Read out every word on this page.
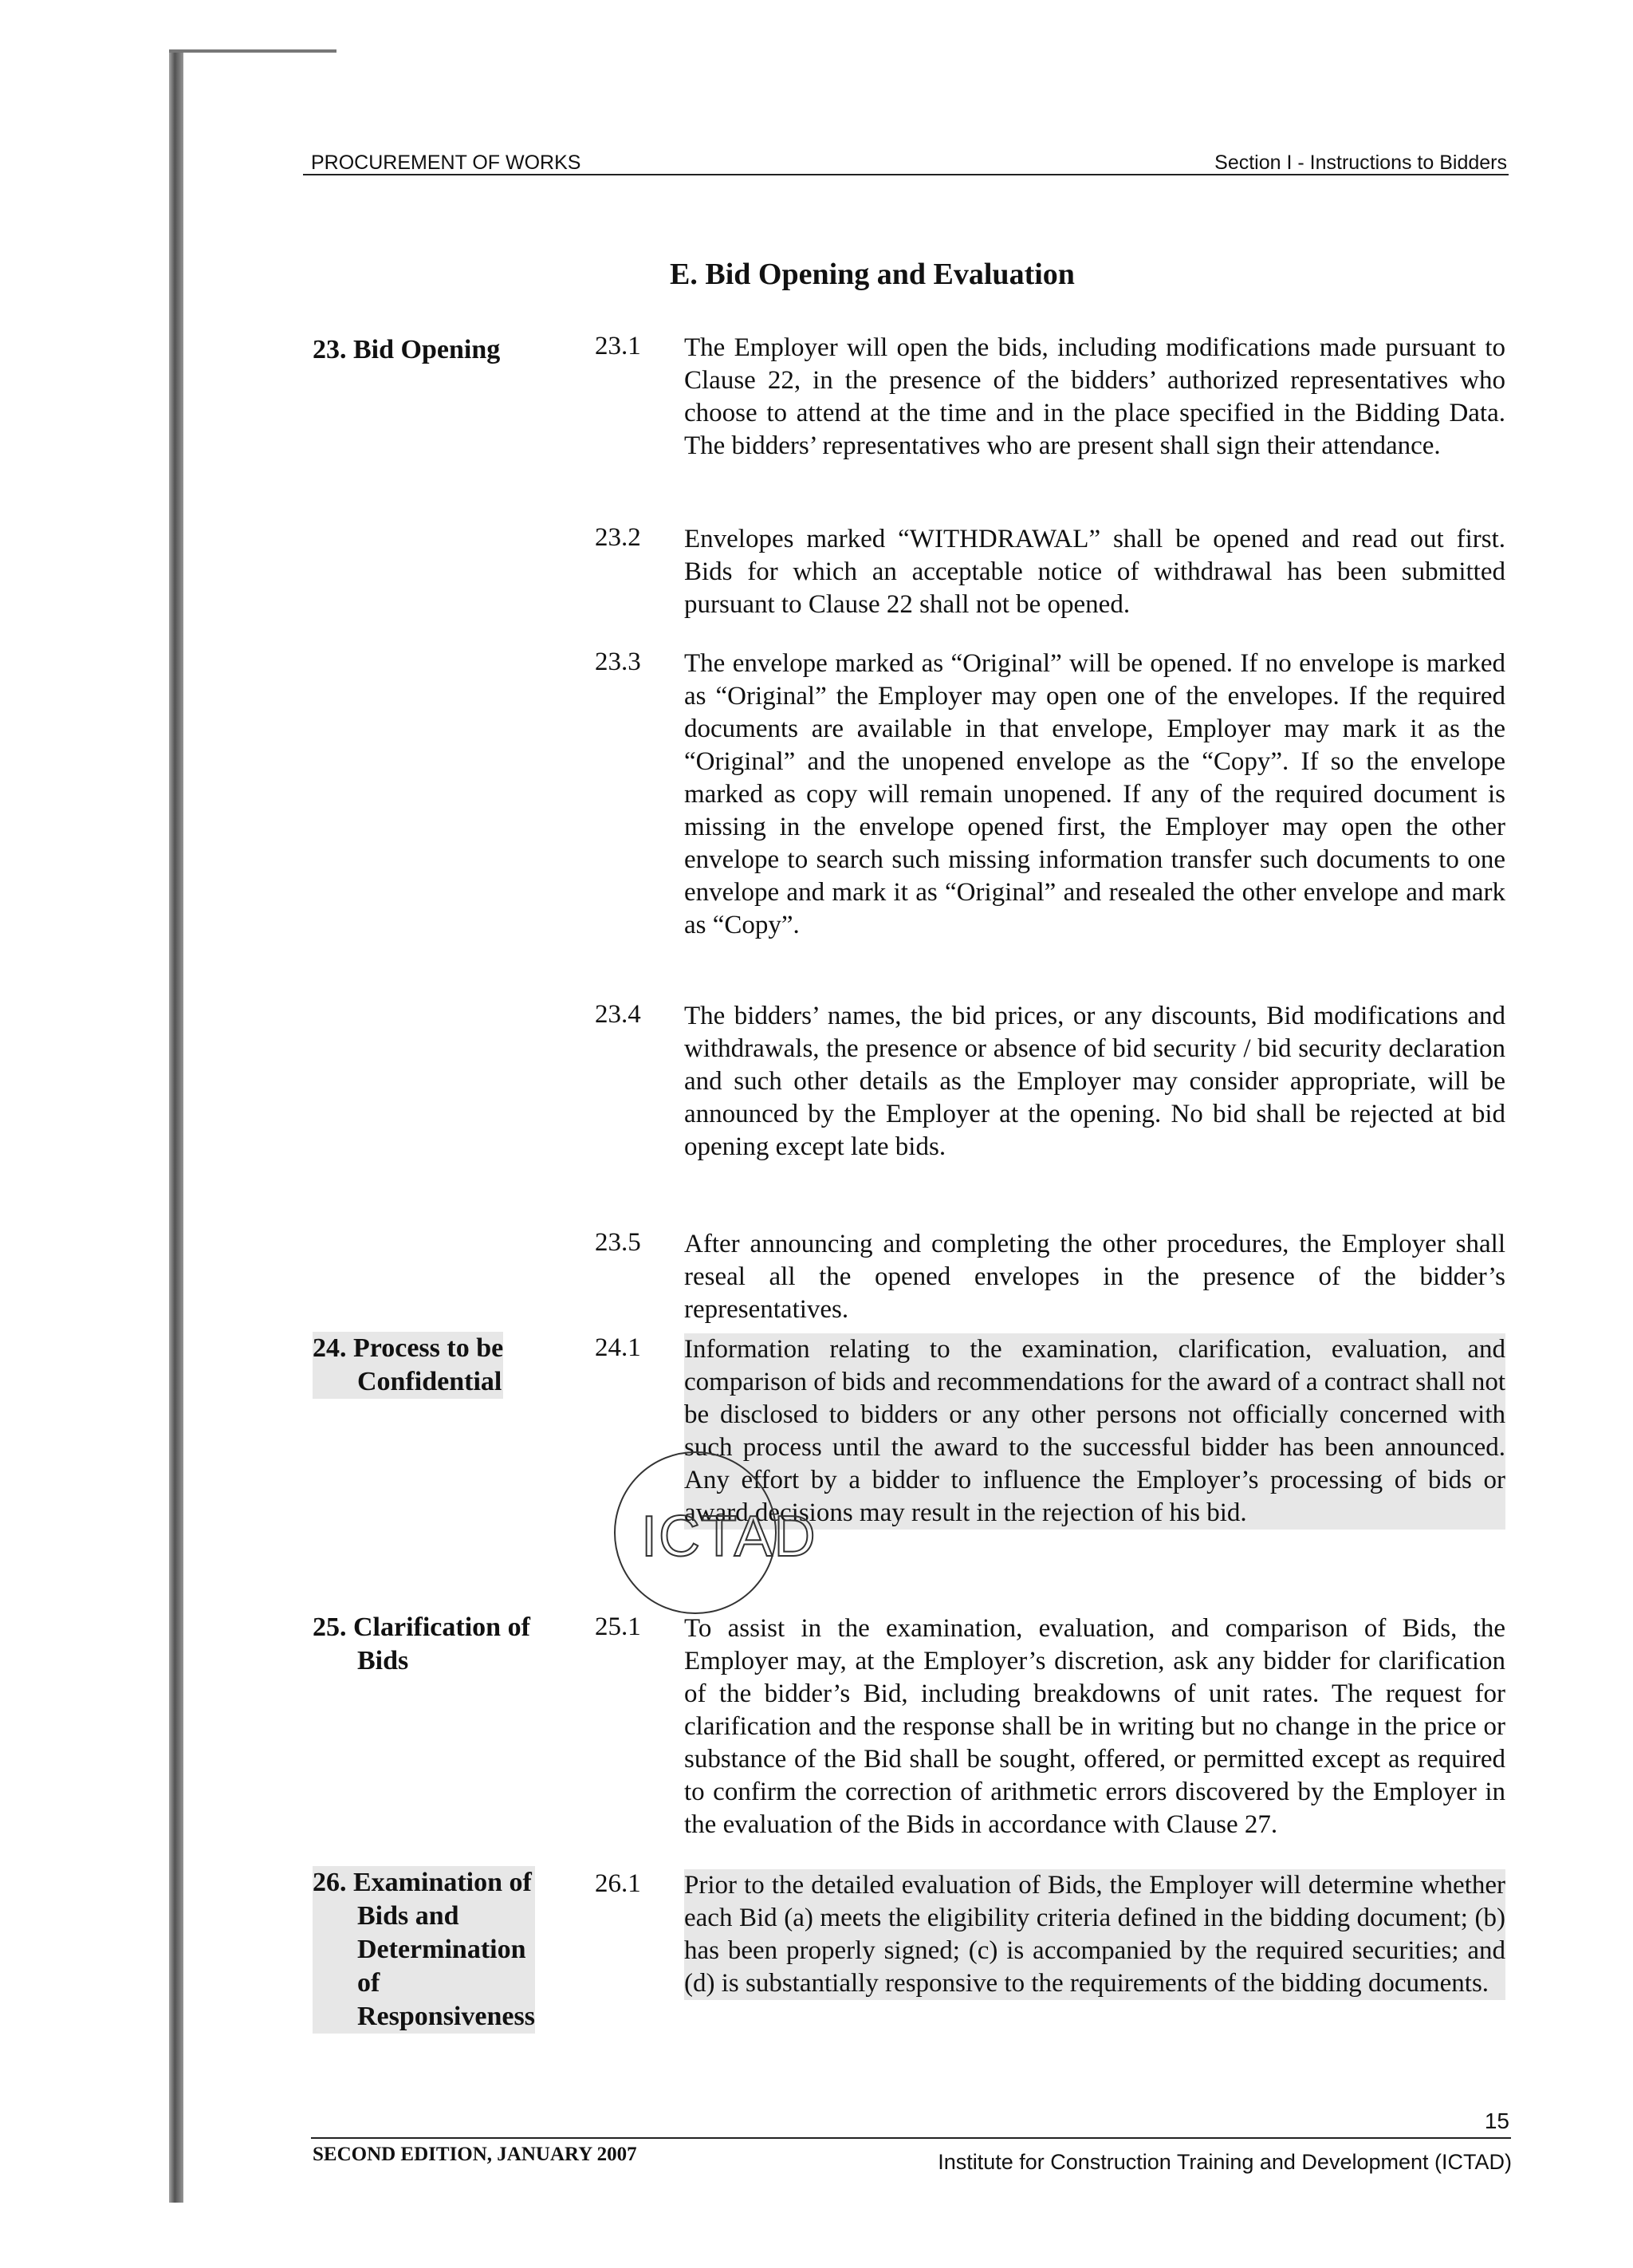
PROCUREMENT OF WORKS	Section I - Instructions to Bidders
E. Bid Opening and Evaluation
23. Bid Opening
24. Process to be
Confidential
25. Clarification of
Bids
26. Examination of
Bids and
Determination
of
Responsiveness
23.1 The Employer will open the bids, including modifications made pursuant to Clause 22, in the presence of the bidders’ authorized representatives who choose to attend at the time and in the place specified in the Bidding Data. The bidders’ representatives who are present shall sign their attendance.
23.2 Envelopes marked “WITHDRAWAL” shall be opened and read out first. Bids for which an acceptable notice of withdrawal has been submitted pursuant to Clause 22 shall not be opened.
23.3 The envelope marked as “Original” will be opened. If no envelope is marked as “Original” the Employer may open one of the envelopes. If the required documents are available in that envelope, Employer may mark it as the “Original” and the unopened envelope as the “Copy”. If so the envelope marked as copy will remain unopened. If any of the required document is missing in the envelope opened first, the Employer may open the other envelope to search such missing information transfer such documents to one envelope and mark it as “Original” and resealed the other envelope and mark as “Copy”.
23.4 The bidders’ names, the bid prices, or any discounts, Bid modifications and withdrawals, the presence or absence of bid security / bid security declaration and such other details as the Employer may consider appropriate, will be announced by the Employer at the opening. No bid shall be rejected at bid opening except late bids.
23.5 After announcing and completing the other procedures, the Employer shall reseal all the opened envelopes in the presence of the bidder’s representatives.
24.1 Information relating to the examination, clarification, evaluation, and comparison of bids and recommendations for the award of a contract shall not be disclosed to bidders or any other persons not officially concerned with such process until the award to the successful bidder has been announced. Any effort by a bidder to influence the Employer’s processing of bids or award decisions may result in the rejection of his bid.
ICTAD
25.1 To assist in the examination, evaluation, and comparison of Bids, the Employer may, at the Employer’s discretion, ask any bidder for clarification of the bidder’s Bid, including breakdowns of unit rates. The request for clarification and the response shall be in writing but no change in the price or substance of the Bid shall be sought, offered, or permitted except as required to confirm the correction of arithmetic errors discovered by the Employer in the evaluation of the Bids in accordance with Clause 27.
26.1 Prior to the detailed evaluation of Bids, the Employer will determine whether each Bid (a) meets the eligibility criteria defined in the bidding document; (b) has been properly signed; (c) is accompanied by the required securities; and (d) is substantially responsive to the requirements of the bidding documents.
15
SECOND EDITION, JANUARY 2007	Institute for Construction Training and Development (ICTAD)
